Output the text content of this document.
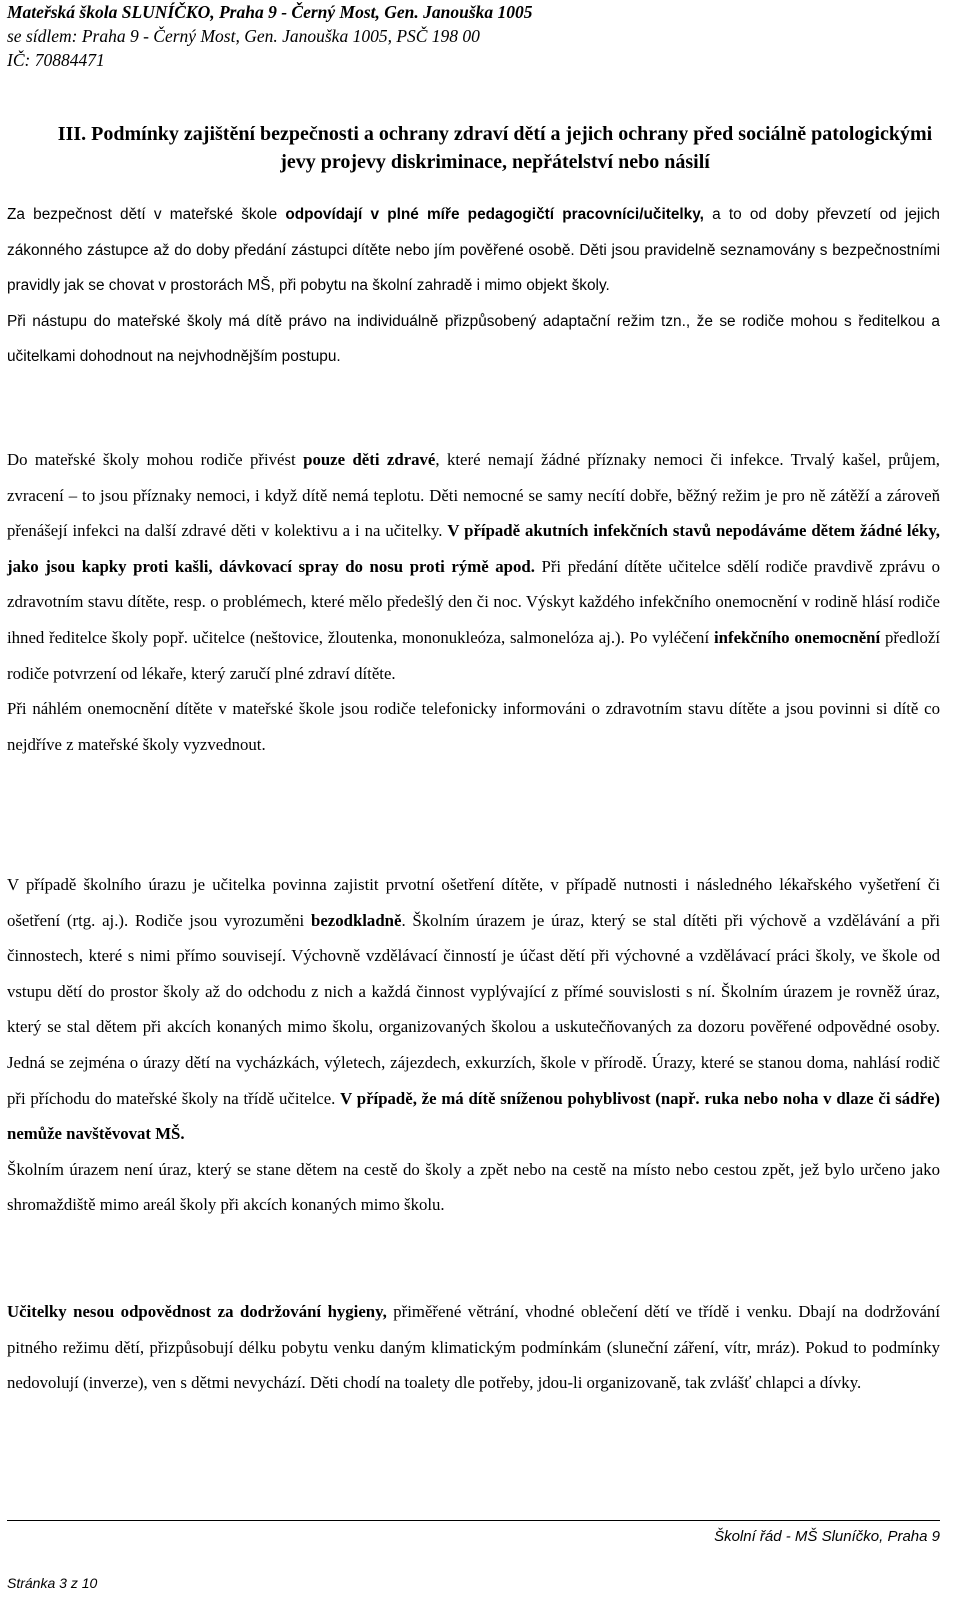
Mateřská škola SLUNÍČKO, Praha 9 - Černý Most, Gen. Janouška 1005
se sídlem: Praha 9 - Černý Most, Gen. Janouška 1005, PSČ 198 00
IČ: 70884471
III. Podmínky zajištění bezpečnosti a ochrany zdraví dětí a jejich ochrany před sociálně patologickými jevy projevy diskriminace, nepřátelství nebo násilí

Za bezpečnost dětí v mateřské škole odpovídají v plné míře pedagogičtí pracovníci/učitelky, a to od doby převzetí od jejich zákonného zástupce až do doby předání zástupci dítěte nebo jím pověřené osobě. Děti jsou pravidelně seznamovány s bezpečnostními pravidly jak se chovat v prostorách MŠ, při pobytu na školní zahradě i mimo objekt školy.

Při nástupu do mateřské školy má dítě právo na individuálně přizpůsobený adaptační režim tzn., že se rodiče mohou s ředitelkou a učitelkami dohodnout na nejvhodnějším postupu.

Do mateřské školy mohou rodiče přivést pouze děti zdravé, které nemají žádné příznaky nemoci či infekce. Trvalý kašel, průjem, zvracení – to jsou příznaky nemoci, i když dítě nemá teplotu. Děti nemocné se samy necítí dobře, běžný režim je pro ně zátěží a zároveň přenášejí infekci na další zdravé děti v kolektivu a i na učitelky. V případě akutních infekčních stavů nepodáváme dětem žádné léky, jako jsou kapky proti kašli, dávkovací spray do nosu proti rýmě apod. Při předání dítěte učitelce sdělí rodiče pravdivě zprávu o zdravotním stavu dítěte, resp. o problémech, které mělo předešlý den či noc. Výskyt každého infekčního onemocnění v rodině hlásí rodiče ihned ředitelce školy popř. učitelce (neštovice, žloutenka, mononukleóza, salmonelóza aj.). Po vyléčení infekčního onemocnění předloží rodiče potvrzení od lékaře, který zaručí plné zdraví dítěte.

Při náhlém onemocnění dítěte v mateřské škole jsou rodiče telefonicky informováni o zdravotním stavu dítěte a jsou povinni si dítě co nejdříve z mateřské školy vyzvednout.

V případě školního úrazu je učitelka povinna zajistit prvotní ošetření dítěte, v případě nutnosti i následného lékařského vyšetření či ošetření (rtg. aj.). Rodiče jsou vyrozuměni bezodkladně. Školním úrazem je úraz, který se stal dítěti při výchově a vzdělávání a při činnostech, které s nimi přímo souvisejí. Výchovně vzdělávací činností je účast dětí při výchovné a vzdělávací práci školy, ve škole od vstupu dětí do prostor školy až do odchodu z nich a každá činnost vyplývající z přímé souvislosti s ní. Školním úrazem je rovněž úraz, který se stal dětem při akcích konaných mimo školu, organizovaných školou a uskutečňovaných za dozoru pověřené odpovědné osoby. Jedná se zejména o úrazy dětí na vycházkách, výletech, zájezdech, exkurzích, škole v přírodě. Úrazy, které se stanou doma, nahlásí rodič při příchodu do mateřské školy na třídě učitelce. V případě, že má dítě sníženou pohyblivost (např. ruka nebo noha v dlaze či sádře) nemůže navštěvovat MŠ.

Školním úrazem není úraz, který se stane dětem na cestě do školy a zpět nebo na cestě na místo nebo cestou zpět, jež bylo určeno jako shromaždiště mimo areál školy při akcích konaných mimo školu.

Učitelky nesou odpovědnost za dodržování hygieny, přiměřené větrání, vhodné oblečení dětí ve třídě i venku. Dbají na dodržování pitného režimu dětí, přizpůsobují délku pobytu venku daným klimatickým podmínkám (sluneční záření, vítr, mráz). Pokud to podmínky nedovolují (inverze), ven s dětmi nevychází. Děti chodí na toalety dle potřeby, jdou-li organizovaně, tak zvlášť chlapci a dívky.

Školní řád - MŠ Sluníčko, Praha 9
Stránka 3 z 10
